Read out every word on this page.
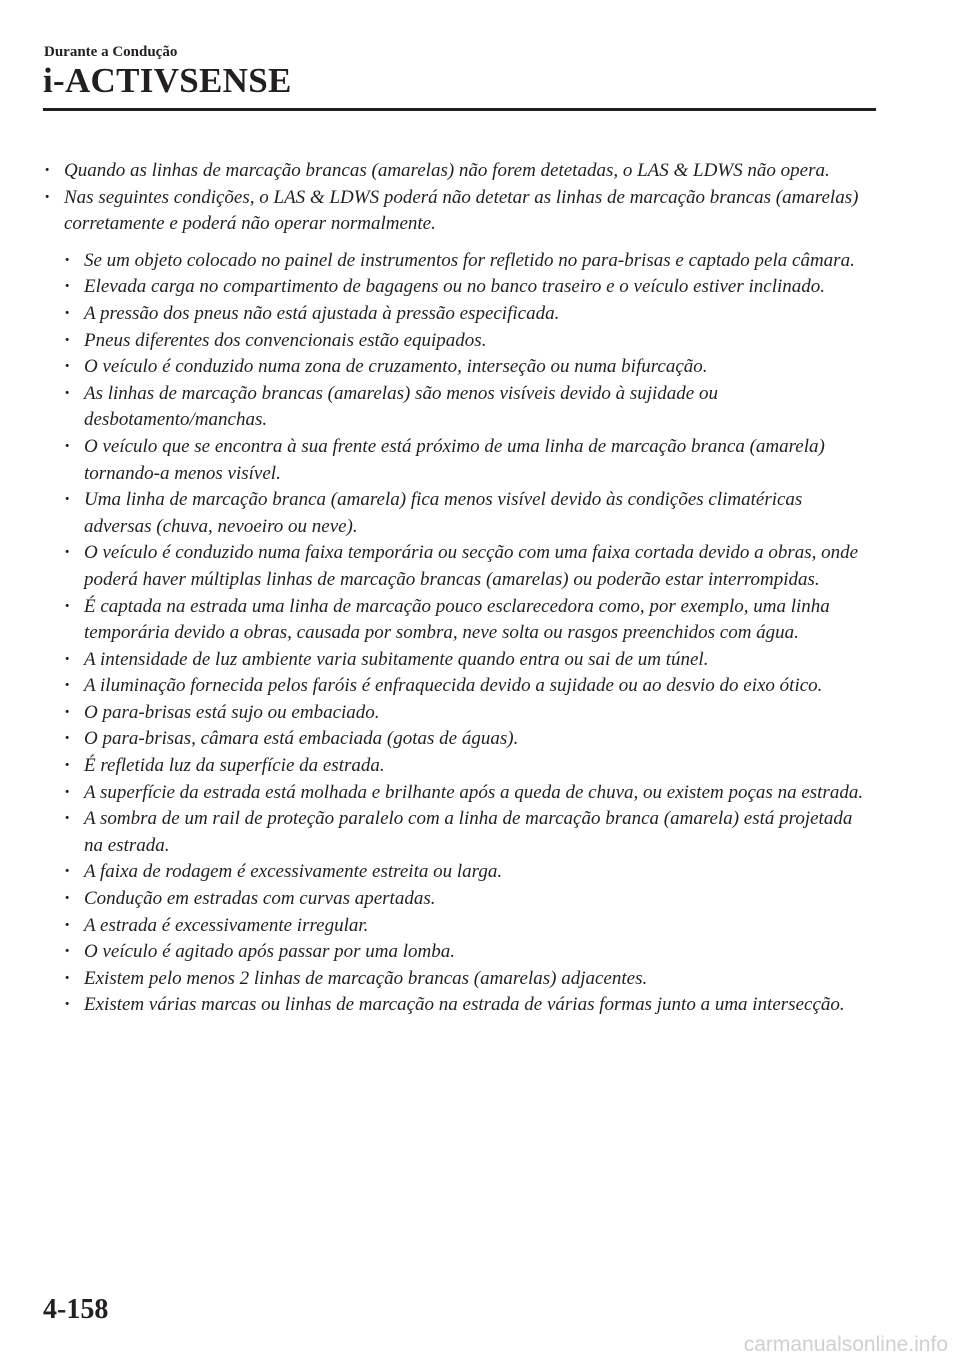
Durante a Condução
i-ACTIVSENSE
· Quando as linhas de marcação brancas (amarelas) não forem detetadas, o LAS & LDWS não opera.
· Nas seguintes condições, o LAS & LDWS poderá não detetar as linhas de marcação brancas (amarelas) corretamente e poderá não operar normalmente.
· Se um objeto colocado no painel de instrumentos for refletido no para-brisas e captado pela câmara.
· Elevada carga no compartimento de bagagens ou no banco traseiro e o veículo estiver inclinado.
· A pressão dos pneus não está ajustada à pressão especificada.
· Pneus diferentes dos convencionais estão equipados.
· O veículo é conduzido numa zona de cruzamento, interseção ou numa bifurcação.
· As linhas de marcação brancas (amarelas) são menos visíveis devido à sujidade ou desbotamento/manchas.
· O veículo que se encontra à sua frente está próximo de uma linha de marcação branca (amarela) tornando-a menos visível.
· Uma linha de marcação branca (amarela) fica menos visível devido às condições climatéricas adversas (chuva, nevoeiro ou neve).
· O veículo é conduzido numa faixa temporária ou secção com uma faixa cortada devido a obras, onde poderá haver múltiplas linhas de marcação brancas (amarelas) ou poderão estar interrompidas.
· É captada na estrada uma linha de marcação pouco esclarecedora como, por exemplo, uma linha temporária devido a obras, causada por sombra, neve solta ou rasgos preenchidos com água.
· A intensidade de luz ambiente varia subitamente quando entra ou sai de um túnel.
· A iluminação fornecida pelos faróis é enfraquecida devido a sujidade ou ao desvio do eixo ótico.
· O para-brisas está sujo ou embaciado.
· O para-brisas, câmara está embaciada (gotas de águas).
· É refletida luz da superfície da estrada.
· A superfície da estrada está molhada e brilhante após a queda de chuva, ou existem poças na estrada.
· A sombra de um rail de proteção paralelo com a linha de marcação branca (amarela) está projetada na estrada.
· A faixa de rodagem é excessivamente estreita ou larga.
· Condução em estradas com curvas apertadas.
· A estrada é excessivamente irregular.
· O veículo é agitado após passar por uma lomba.
· Existem pelo menos 2 linhas de marcação brancas (amarelas) adjacentes.
· Existem várias marcas ou linhas de marcação na estrada de várias formas junto a uma intersecção.
4-158
carmanualsonline.info
